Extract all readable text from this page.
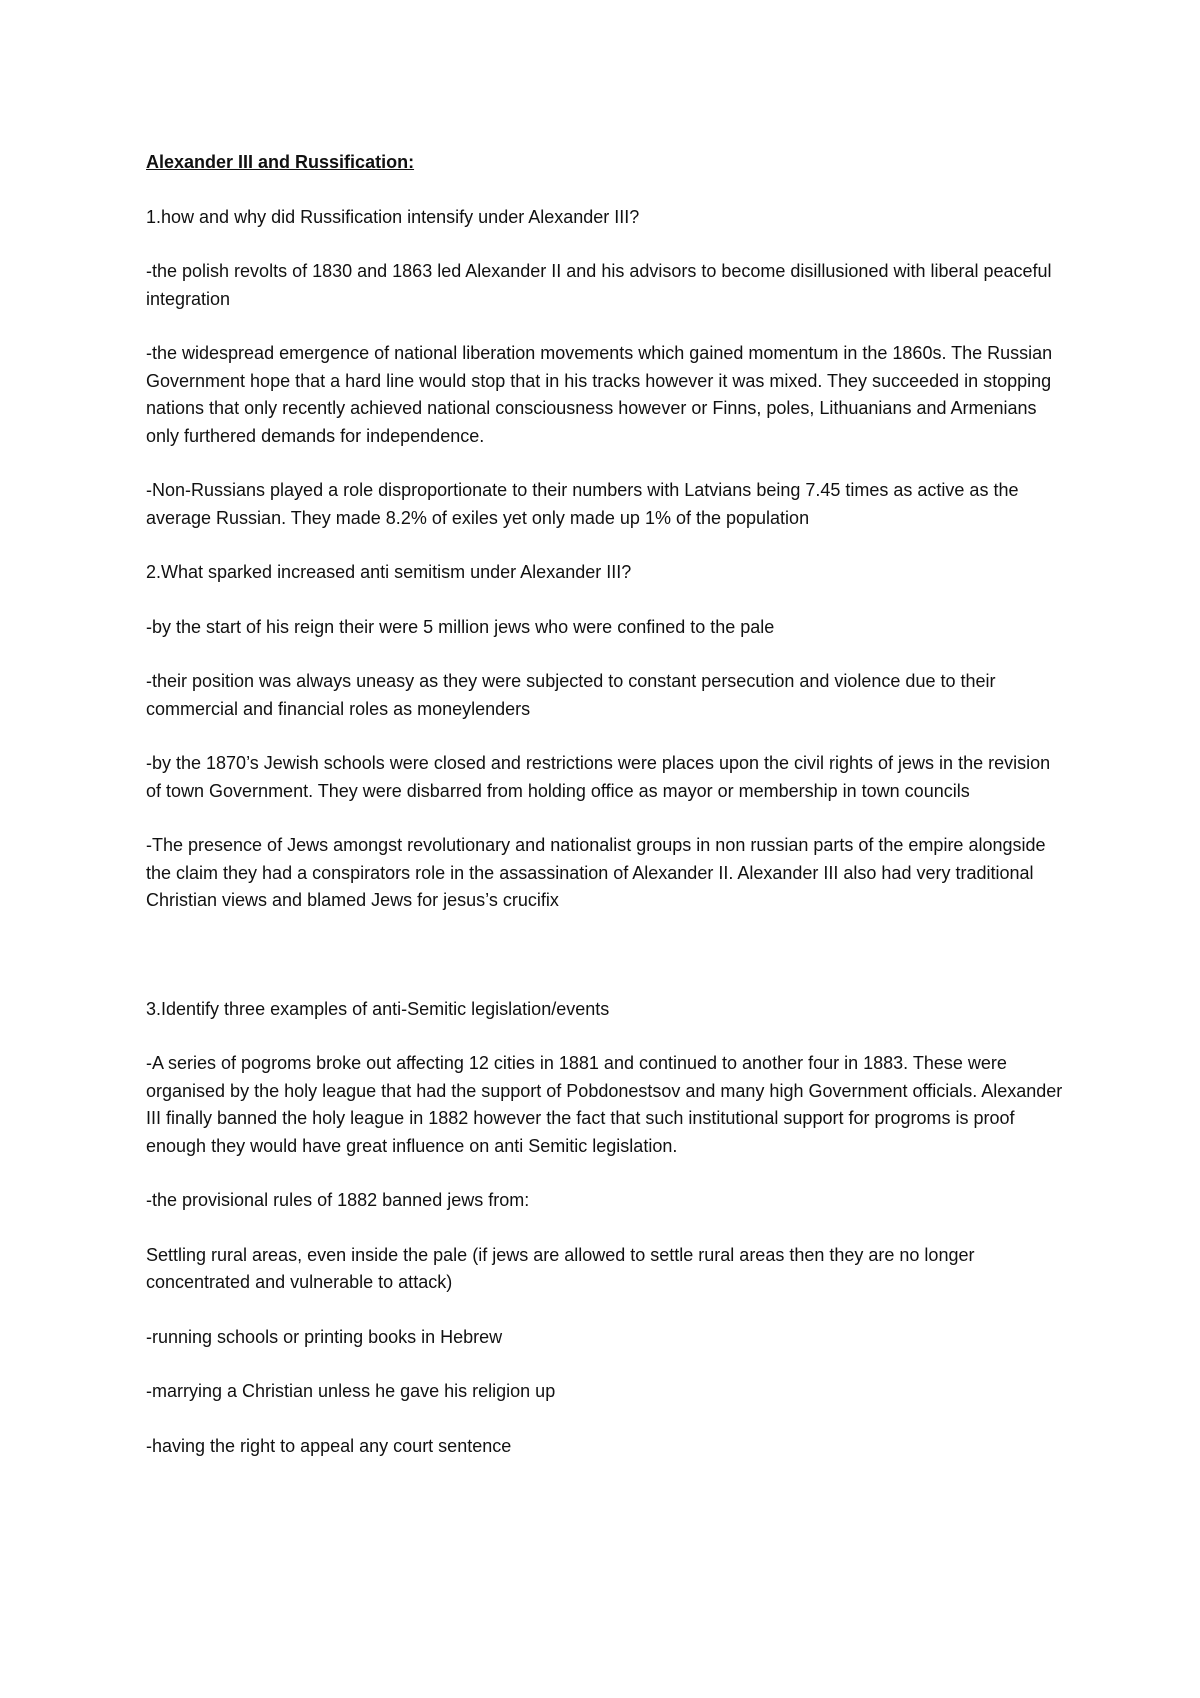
Alexander III and Russification:

1.how and why did Russification intensify under Alexander III?

-the polish revolts of 1830 and 1863 led Alexander II and his advisors to become disillusioned with liberal peaceful integration

-the widespread emergence of national liberation movements which gained momentum in the 1860s. The Russian Government hope that a hard line would stop that in his tracks however it was mixed. They succeeded in stopping nations that only recently achieved national consciousness however or Finns, poles, Lithuanians and Armenians only furthered demands for independence.

-Non-Russians played a role disproportionate to their numbers with Latvians being 7.45 times as active as the average Russian. They made 8.2% of exiles yet only made up 1% of the population

2.What sparked increased anti semitism under Alexander III?

-by the start of his reign their were 5 million jews who were confined to the pale

-their position was always uneasy as they were subjected to constant persecution and violence due to their commercial and financial roles as moneylenders

-by the 1870’s Jewish schools were closed and restrictions were places upon the civil rights of jews in the revision of town Government. They were disbarred from holding office as mayor or membership in town councils

-The presence of Jews amongst revolutionary and nationalist groups in non russian parts of the empire alongside the claim they had a conspirators role in the assassination of Alexander II. Alexander III also had very traditional Christian views and blamed Jews for jesus’s crucifix

3.Identify three examples of anti-Semitic legislation/events

-A series of pogroms broke out affecting 12 cities in 1881 and continued to another four in 1883. These were organised by the holy league that had the support of Pobdonestsov and many high Government officials. Alexander III finally banned the holy league in 1882 however the fact that such institutional support for progroms is proof enough they would have great influence on anti Semitic legislation.

-the provisional rules of 1882 banned jews from:

Settling rural areas, even inside the pale (if jews are allowed to settle rural areas then they are no longer concentrated and vulnerable to attack)

-running schools or printing books in Hebrew

-marrying a Christian unless he gave his religion up

-having the right to appeal any court sentence
